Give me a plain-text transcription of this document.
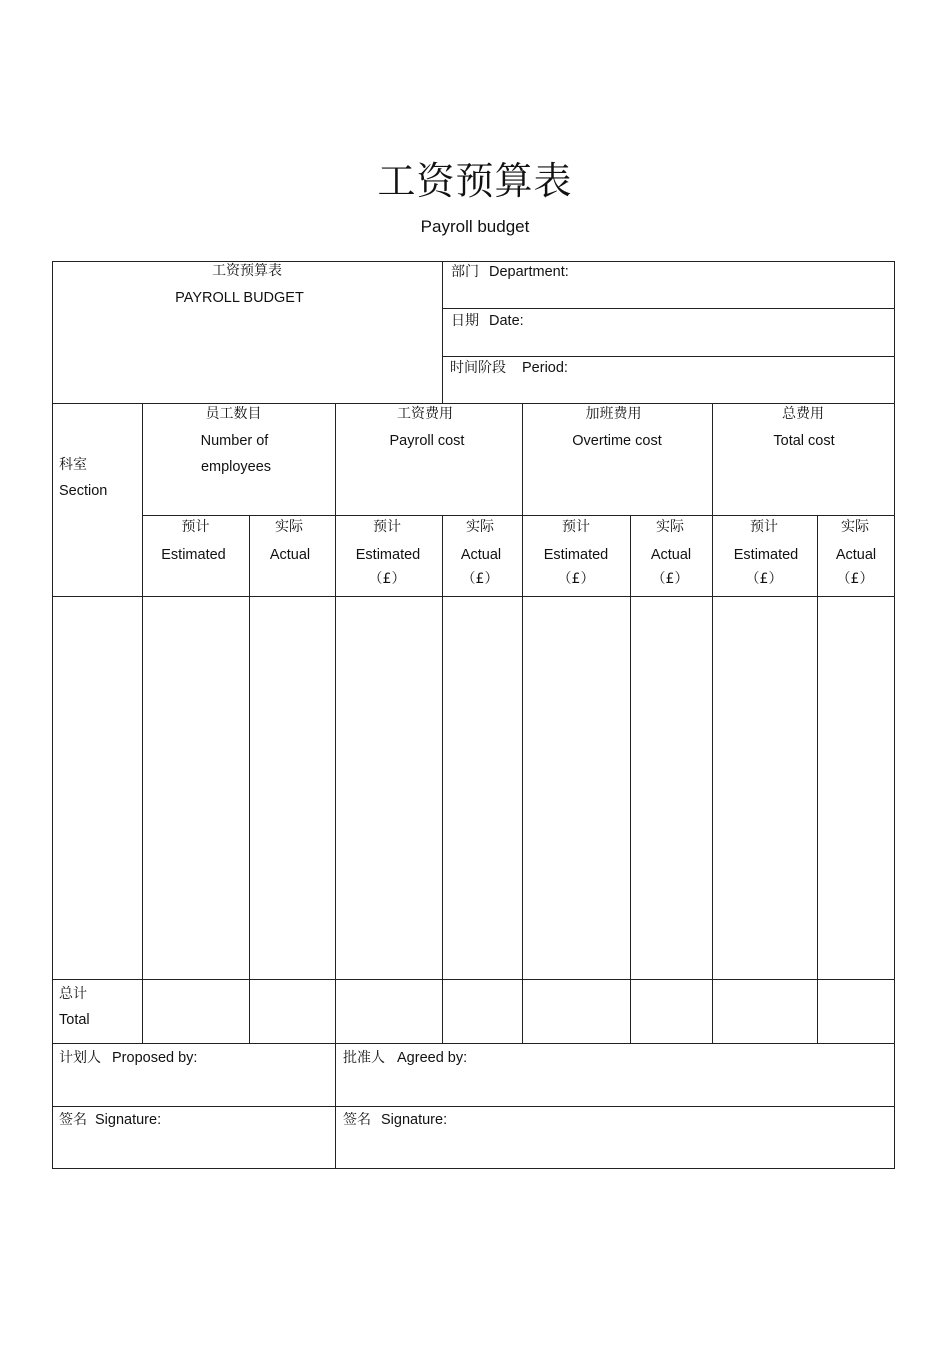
工资预算表
Payroll budget
工资预算表
PAYROLL BUDGET
部门 Department:
日期 Date:
时间阶段 Period:
科室
Section
员工数目
Number of
employees
工资费用
Payroll cost
加班费用
Overtime cost
总费用
Total cost
预计
Estimated
实际
Actual
预计
Estimated
（£）
实际
Actual
（£）
预计
Estimated
（£）
实际
Actual
（£）
预计
Estimated
（£）
实际
Actual
（£）
总计
Total
计划人 Proposed by:	批准人 Agreed by:
签名 Signature:	签名 Signature:
